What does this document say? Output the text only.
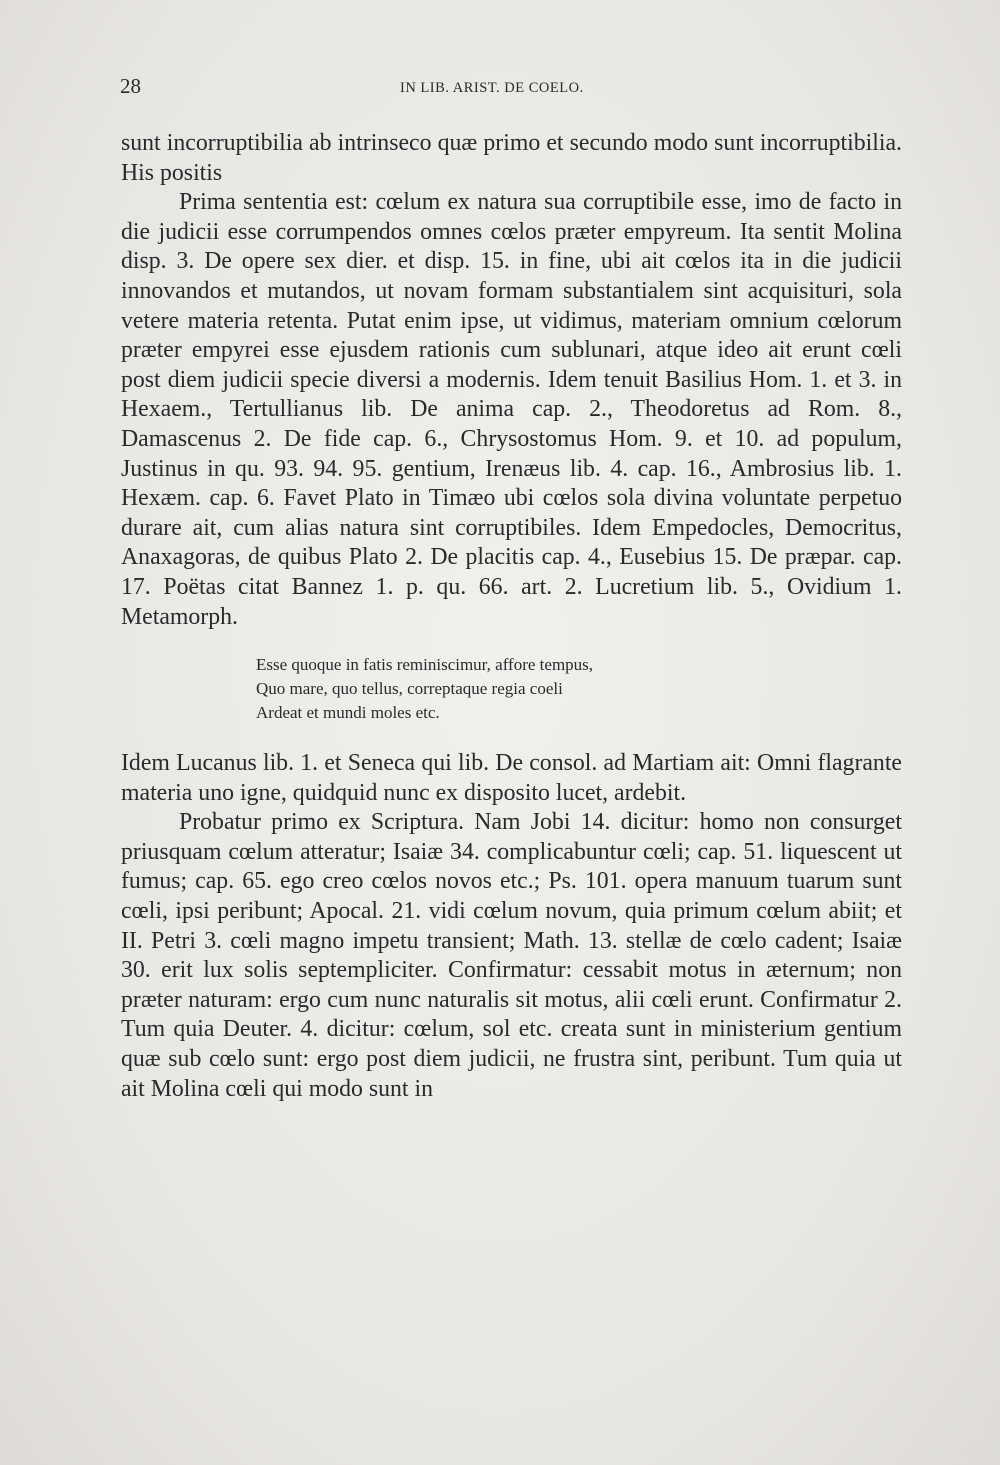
28	IN LIB. ARIST. DE COELO.

sunt incorruptibilia ab intrinseco quæ primo et secundo modo sunt incorruptibilia. His positis

Prima sententia est: cœlum ex natura sua corruptibile esse, imo de facto in die judicii esse corrumpendos omnes cœlos præter empyreum. Ita sentit Molina disp. 3. De opere sex dier. et disp. 15. in fine, ubi ait cœlos ita in die judicii innovandos et mutandos, ut novam formam substantialem sint acquisituri, sola vetere materia retenta. Putat enim ipse, ut vidimus, materiam omnium cœlorum præter empyrei esse ejusdem rationis cum sublunari, atque ideo ait erunt cœli post diem judicii specie diversi a modernis. Idem tenuit Basilius Hom. 1. et 3. in Hexaem., Tertullianus lib. De anima cap. 2., Theodoretus ad Rom. 8., Damascenus 2. De fide cap. 6., Chrysostomus Hom. 9. et 10. ad populum, Justinus in qu. 93. 94. 95. gentium, Irenæus lib. 4. cap. 16., Ambrosius lib. 1. Hexæm. cap. 6. Favet Plato in Timæo ubi cœlos sola divina voluntate perpetuo durare ait, cum alias natura sint corruptibiles. Idem Empedocles, Democritus, Anaxagoras, de quibus Plato 2. De placitis cap. 4., Eusebius 15. De præpar. cap. 17. Poëtas citat Bannez 1. p. qu. 66. art. 2. Lucretium lib. 5., Ovidium 1. Metamorph.

Esse quoque in fatis reminiscimur, affore tempus,
Quo mare, quo tellus, correptaque regia coeli
Ardeat et mundi moles etc.

Idem Lucanus lib. 1. et Seneca qui lib. De consol. ad Martiam ait: Omni flagrante materia uno igne, quidquid nunc ex disposito lucet, ardebit.

Probatur primo ex Scriptura. Nam Jobi 14. dicitur: homo non consurget priusquam cœlum atteratur; Isaiæ 34. complicabuntur cœli; cap. 51. liquescent ut fumus; cap. 65. ego creo cœlos novos etc.; Ps. 101. opera manuum tuarum sunt cœli, ipsi peribunt; Apocal. 21. vidi cœlum novum, quia primum cœlum abiit; et II. Petri 3. cœli magno impetu transient; Math. 13. stellæ de cœlo cadent; Isaiæ 30. erit lux solis septempliciter. Confirmatur: cessabit motus in æternum; non præter naturam: ergo cum nunc naturalis sit motus, alii cœli erunt. Confirmatur 2. Tum quia Deuter. 4. dicitur: cœlum, sol etc. creata sunt in ministerium gentium quæ sub cœlo sunt: ergo post diem judicii, ne frustra sint, peribunt. Tum quia ut ait Molina cœli qui modo sunt in
